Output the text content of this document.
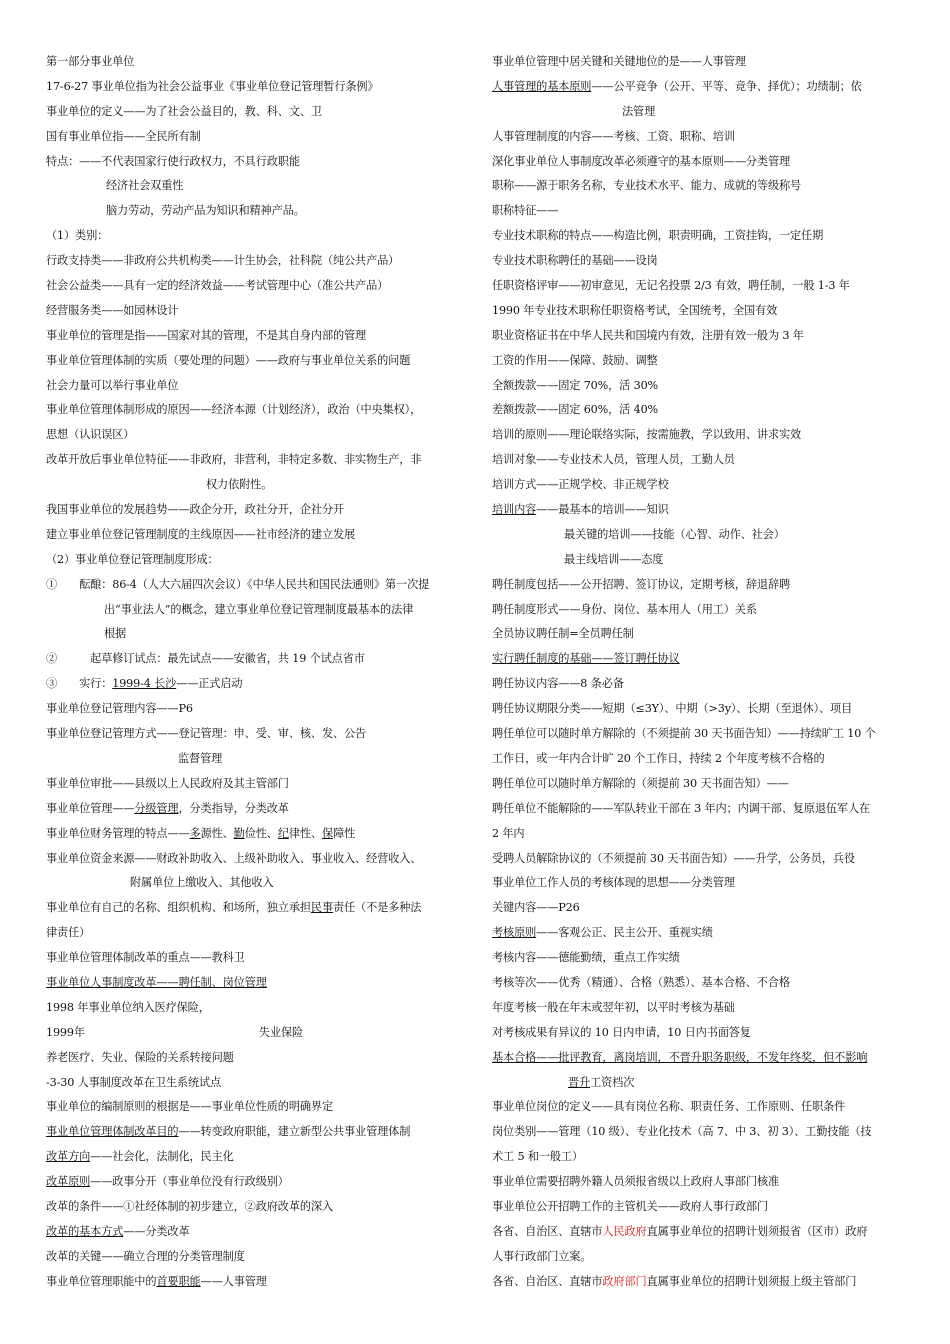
第一部分事业单位
17-6-27 事业单位指为社会公益事业《事业单位登记管理暂行条例》
事业单位的定义——为了社会公益目的，教、科、文、卫
国有事业单位指——全民所有制
特点：——不代表国家行使行政权力，不具行政职能
经济社会双重性
脑力劳动，劳动产品为知识和精神产品。
（1）类别：
行政支持类——非政府公共机构类——计生协会，社科院（纯公共产品）
社会公益类——具有一定的经济效益——考试管理中心（准公共产品）
经营服务类——如园林设计
事业单位的管理是指——国家对其的管理，不是其自身内部的管理
事业单位管理体制的实质（要处理的问题）——政府与事业单位关系的问题
社会力量可以举行事业单位
事业单位管理体制形成的原因——经济本源（计划经济），政治（中央集权），
思想（认识误区）
改革开放后事业单位特征——非政府，非营利，非特定多数、非实物生产，非
权力依附性。
我国事业单位的发展趋势——政企分开，政社分开，企社分开
建立事业单位登记管理制度的主线原因——社市经济的建立发展
（2）事业单位登记管理制度形成：
①　　酝酿：86-4（人大六届四次会议）《中华人民共和国民法通则》第一次提
出“事业法人”的概念，建立事业单位登记管理制度最基本的法律
根据
②　　　起草修订试点：最先试点——安徽省，共 19 个试点省市
③　　实行：1999-4 长沙——正式启动
事业单位登记管理内容——P6
事业单位登记管理方式——登记管理：申、受、审、核、发、公告
监督管理
事业单位审批——县级以上人民政府及其主管部门
事业单位管理——分级管理，分类指导，分类改革
事业单位财务管理的特点——多源性、勤俭性、纪律性、保障性
事业单位资金来源——财政补助收入、上级补助收入、事业收入、经营收入、
附属单位上缴收入、其他收入
事业单位有自己的名称、组织机构、和场所，独立承担民事责任（不是多种法
律责任）
事业单位管理体制改革的重点——教科卫
事业单位人事制度改革——聘任制、岗位管理
1998 年事业单位纳入医疗保险，
1999年	失业保险
养老医疗、失业、保险的关系转接问题
-3-30 人事制度改革在卫生系统试点
事业单位的编制原则的根据是——事业单位性质的明确界定
事业单位管理体制改革目的——转变政府职能，建立新型公共事业管理体制
改革方向——社会化，法制化，民主化
改革原则——政事分开（事业单位没有行政级别）
改革的条件——①社经体制的初步建立，②政府改革的深入
改革的基本方式——分类改革
改革的关键——确立合理的分类管理制度
事业单位管理职能中的首要职能——人事管理
事业单位管理中居关键和关键地位的是——人事管理
人事管理的基本原则——公平竞争（公开、平等、竞争、择优）；功绩制；依
法管理
人事管理制度的内容——考核、工资、职称、培训
深化事业单位人事制度改革必须遵守的基本原则——分类管理
职称——源于职务名称，专业技术水平、能力、成就的等级称号
职称特征——
专业技术职称的特点——构造比例，职责明确，工资挂钩，一定任期
专业技术职称聘任的基础——设岗
任职资格评审——初审意见，无记名投票 2/3 有效，聘任制，一般 1-3 年
1990 年专业技术职称任职资格考试，全国统考，全国有效
职业资格证书在中华人民共和国境内有效，注册有效一般为 3 年
工资的作用——保障、鼓励、调整
全额拨款——固定 70%，活 30%
差额拨款——固定 60%，活 40%
培训的原则——理论联络实际，按需施教，学以致用、讲求实效
培训对象——专业技术人员，管理人员，工勤人员
培训方式——正规学校、非正规学校
培训内容——最基本的培训——知识
最关键的培训——技能（心智、动作、社会）
最主线培训——态度
聘任制度包括——公开招聘、签订协议，定期考核，辞退辞聘
聘任制度形式——身份、岗位、基本用人（用工）关系
全员协议聘任制=全员聘任制
实行聘任制度的基础——签订聘任协议
聘任协议内容——8 条必备
聘任协议期限分类——短期（≤3Y）、中期（>3y）、长期（至退休）、项目
聘任单位可以随时单方解除的（不须提前 30 天书面告知）——持续旷工 10 个
工作日，或一年内合计旷 20 个工作日，持续 2 个年度考核不合格的
聘任单位可以随时单方解除的（须提前 30 天书面告知）——
聘任单位不能解除的——军队转业干部在 3 年内；内调干部、复原退伍军人在
2 年内
受聘人员解除协议的（不须提前 30 天书面告知）——升学，公务员，兵役
事业单位工作人员的考核体现的思想——分类管理
关键内容——P26
考核原则——客观公正、民主公开、重视实绩
考核内容——德能勤绩，重点工作实绩
考核等次——优秀（精通）、合格（熟悉）、基本合格、不合格
年度考核一般在年末或翌年初，以平时考核为基础
对考核成果有异议的 10 日内申请，10 日内书面答复
基本合格——批评教育，离岗培训，不晋升职务职级，不发年终奖，但不影响
晋升工资档次
事业单位岗位的定义——具有岗位名称、职责任务、工作原则、任职条件
岗位类别——管理（10 级）、专业化技术（高 7、中 3、初 3）、工勤技能（技
术工 5 和一般工）
事业单位需要招聘外籍人员须报省级以上政府人事部门核准
事业单位公开招聘工作的主管机关——政府人事行政部门
各省、自治区、直辖市人民政府直属事业单位的招聘计划须报省（区市）政府
人事行政部门立案。
各省、自治区、直辖市政府部门直属事业单位的招聘计划须报上级主管部门
